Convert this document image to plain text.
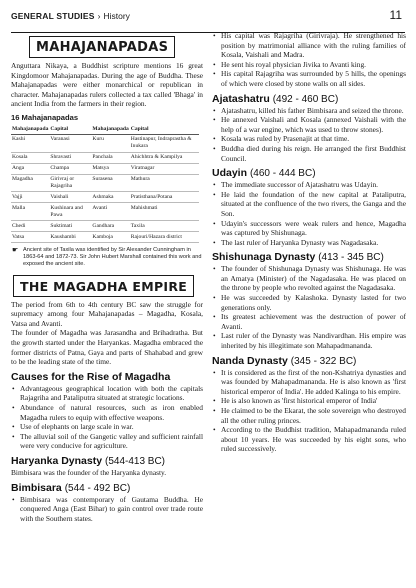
GENERAL STUDIES › History	11
MAHAJANAPADAS

Anguttara Nikaya, a Buddhist scripture mentions 16 great Kingdomoor Mahajanapadas. During the age of Buddha. These Mahajanapadas were either monarchical or republican in character. Mahajanapadas rulers collected a tax called 'Bhaga' in ancient India from the farmers in their region.

16 Mahajanapadas
Mahajanapada	Capital	Mahajanapada	Capital
Kashi	Varanasi	Kuru	Hastinapur, Indraprastha & Inukara
Kosala	Shravasti	Panchala	Ahichhtra & Kampilya
Anga	Champa	Matsya	Viratnagar
Magadha	Girivraj or Rajagriha	Surasena	Mathura
Vajji	Vaishali	Ashmaka	Pratisthana/Potana
Malla	Kushinara and Pawa	Avanti	Mahishmati
Chedi	Suktimati	Gandhara	Taxila
Vatsa	Kaushambi	Kamboja	Rajouri/Hazara district
☛ Ancient site of Taxila was identified by Sir Alexander Cunningham in 1863-64 and 1872-73. Sir John Hubert Marshall contained this work and exposed the ancient site.
THE MAGADHA EMPIRE

The period from 6th to 4th century BC saw the struggle for supremacy among four Mahajanapadas – Magadha, Kosala, Vatsa and Avanti.

The founder of Magadha was Jarasandha and Brihadratha. But the growth started under the Haryankas. Magadha embraced the former districts of Patna, Gaya and parts of Shahabad and grew to be the leading state of the time.

Causes for the Rise of Magadha
• Advantageous geographical location with both the capitals Rajagriha and Pataliputra situated at strategic locations.
• Abundance of natural resources, such as iron enabled Magadha rulers to equip with effective weapons.
• Use of elephants on large scale in war.
• The alluvial soil of the Gangetic valley and sufficient rainfall were very conducive for agriculture.
Haryanka Dynasty (544-413 BC)

Bimbisara was the founder of the Haryanka dynasty.

Bimbisara (544 - 492 BC)
• Bimbisara was contemporary of Gautama Buddha. He conquered Anga (East Bihar) to gain control over trade route with the Southern states.
• His capital was Rajagriha (Girivraja). He strengthened his position by matrimonial alliance with the ruling families of Kosala, Vaishali and Madra.
• He sent his royal physician Jivika to Avanti king.
• His capital Rajagriha was surrounded by 5 hills, the openings of which were closed by stone walls on all sides.
Ajatashatru (492 - 460 BC)
• Ajatashatru, killed his father Bimbisara and seized the throne.
• He annexed Vaishali and Kosala (annexed Vaishali with the help of a war engine, which was used to throw stones).
• Kosala was ruled by Prasenajit at that time.
• Buddha died during his reign. He arranged the first Buddhist Council.
Udayin (460 - 444 BC)
• The immediate successor of Ajatashatru was Udayin.
• He laid the foundation of the new capital at Pataliputra, situated at the confluence of the two rivers, the Ganga and the Son.
• Udayin's successors were weak rulers and hence, Magadha was captured by Shishunaga.
• The last ruler of Haryanka Dynasty was Nagadasaka.
Shishunaga Dynasty (413 - 345 BC)
• The founder of Shishunaga Dynasty was Shishunaga. He was an Amatya (Minister) of the Nagadasaka. He was placed on the throne by people who revolted against the Nagadasaka.
• He was succeeded by Kalashoka. Dynasty lasted for two generations only.
• Its greatest achievement was the destruction of power of Avanti.
• Last ruler of the Dynasty was Nandivardhan. His empire was inherited by his illegitimate son Mahapadmananda.
Nanda Dynasty (345 - 322 BC)
• It is considered as the first of the non-Kshatriya dynasties and was founded by Mahapadmananda. He is also known as 'first historical emperor of India'. He added Kalinga to his empire.
• He is also known as 'first historical emperor of India'
• He claimed to be the Ekarat, the sole sovereign who destroyed all the other ruling princes.
• According to the Buddhist tradition, Mahapadmananda ruled about 10 years. He was succeeded by his eight sons, who ruled successively.
